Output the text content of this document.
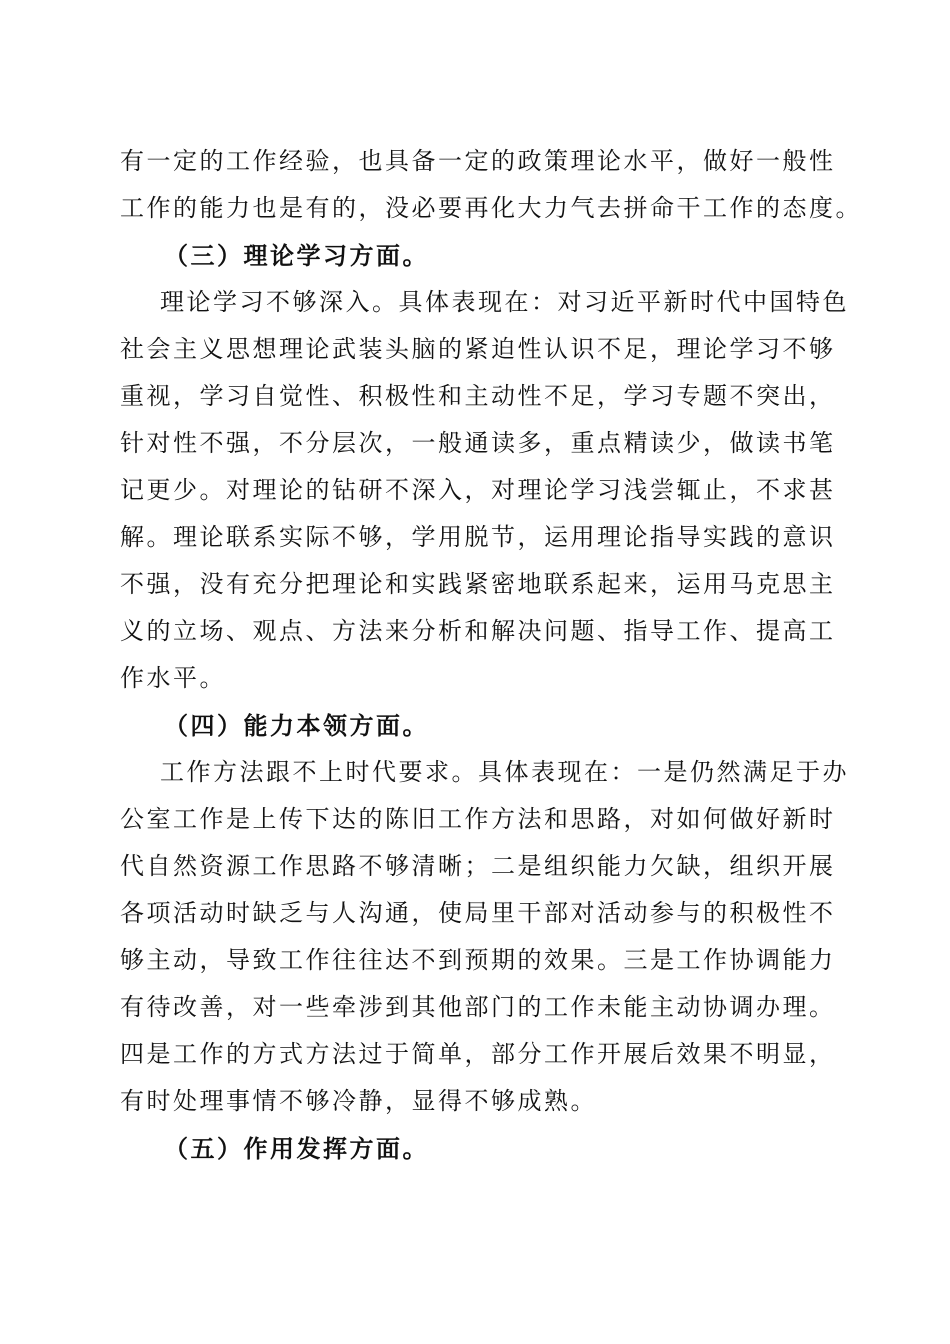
有一定的工作经验，也具备一定的政策理论水平，做好一般性
工作的能力也是有的，没必要再化大力气去拼命干工作的态度。
（三）理论学习方面。
理论学习不够深入。具体表现在：对习近平新时代中国特色
社会主义思想理论武装头脑的紧迫性认识不足，理论学习不够
重视，学习自觉性、积极性和主动性不足，学习专题不突出，
针对性不强，不分层次，一般通读多，重点精读少，做读书笔
记更少。对理论的钻研不深入，对理论学习浅尝辄止，不求甚
解。理论联系实际不够，学用脱节，运用理论指导实践的意识
不强，没有充分把理论和实践紧密地联系起来，运用马克思主
义的立场、观点、方法来分析和解决问题、指导工作、提高工
作水平。
（四）能力本领方面。
工作方法跟不上时代要求。具体表现在：一是仍然满足于办
公室工作是上传下达的陈旧工作方法和思路，对如何做好新时
代自然资源工作思路不够清晰；二是组织能力欠缺，组织开展
各项活动时缺乏与人沟通，使局里干部对活动参与的积极性不
够主动，导致工作往往达不到预期的效果。三是工作协调能力
有待改善，对一些牵涉到其他部门的工作未能主动协调办理。
四是工作的方式方法过于简单，部分工作开展后效果不明显，
有时处理事情不够冷静，显得不够成熟。
（五）作用发挥方面。
